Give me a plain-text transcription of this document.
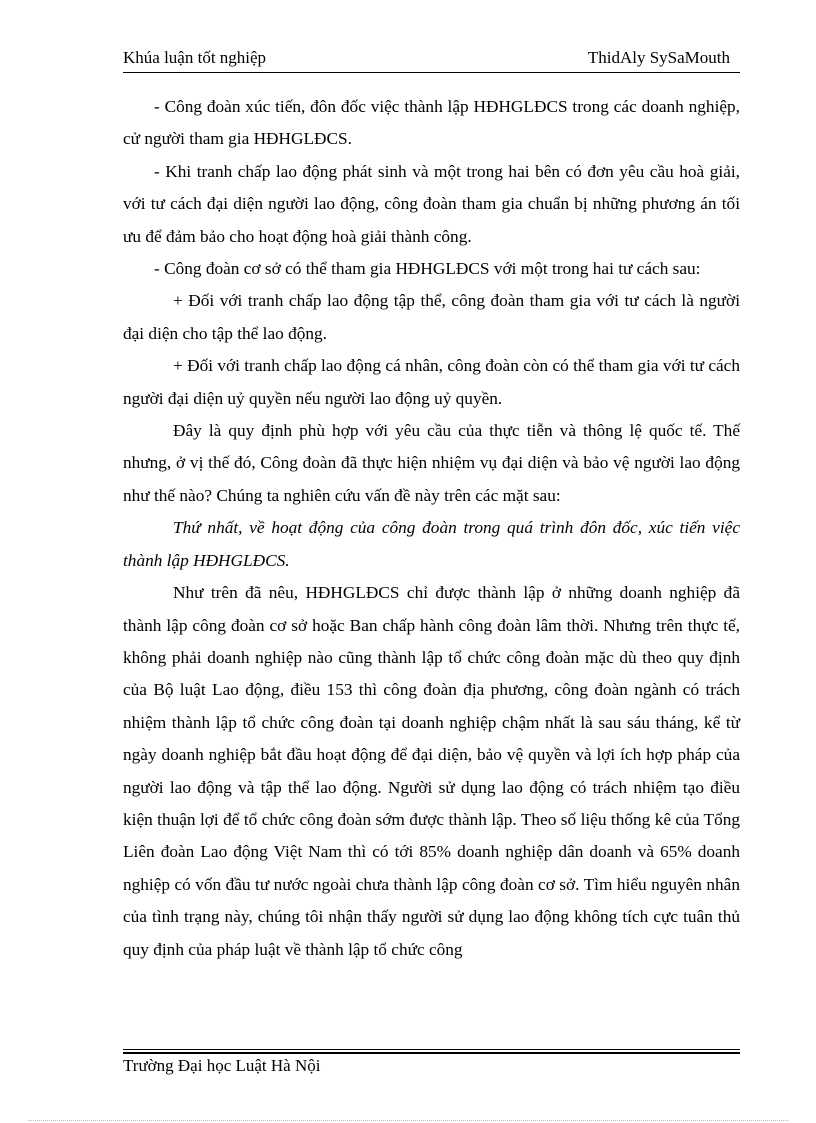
Khúa luận tốt nghiệp	ThidAly SySaMouth

- Công đoàn xúc tiến, đôn đốc việc thành lập HĐHGLĐCS trong các doanh nghiệp, cử người tham gia HĐHGLĐCS.

- Khi tranh chấp lao động phát sinh và một trong hai bên có đơn yêu cầu hoà giải, với tư cách đại diện người lao động, công đoàn tham gia chuẩn bị những phương án tối ưu để đảm bảo cho hoạt động hoà giải thành công.

- Công đoàn cơ sở có thể tham gia HĐHGLĐCS với một trong hai tư cách sau:

+ Đối với tranh chấp lao động tập thể, công đoàn tham gia với tư cách là người đại diện cho tập thể lao động.

+ Đối với tranh chấp lao động cá nhân, công đoàn còn có thể tham gia với tư cách người đại diện uỷ quyền nếu người lao động uỷ quyền.

Đây là quy định phù hợp với yêu cầu của thực tiễn và thông lệ quốc tế. Thế nhưng, ở vị thế đó, Công đoàn đã thực hiện nhiệm vụ đại diện và bảo vệ người lao động như thế nào? Chúng ta nghiên cứu vấn đề này trên các mặt sau:

Thứ nhất, về hoạt động của công đoàn trong quá trình đôn đốc, xúc tiến việc thành lập HĐHGLĐCS.

Như trên đã nêu, HĐHGLĐCS chỉ được thành lập ở những doanh nghiệp đã thành lập công đoàn cơ sở hoặc Ban chấp hành công đoàn lâm thời. Nhưng trên thực tế, không phải doanh nghiệp nào cũng thành lập tổ chức công đoàn mặc dù theo quy định của Bộ luật Lao động, điều 153 thì công đoàn địa phương, công đoàn ngành có trách nhiệm thành lập tổ chức công đoàn tại doanh nghiệp chậm nhất là sau sáu tháng, kể từ ngày doanh nghiệp bắt đầu hoạt động để đại diện, bảo vệ quyền và lợi ích hợp pháp của người lao động và tập thể lao động. Người sử dụng lao động có trách nhiệm tạo điều kiện thuận lợi để tổ chức công đoàn sớm được thành lập. Theo số liệu thống kê của Tổng Liên đoàn Lao động Việt Nam thì có tới 85% doanh nghiệp dân doanh và 65% doanh nghiệp có vốn đầu tư nước ngoài chưa thành lập công đoàn cơ sở. Tìm hiểu nguyên nhân của tình trạng này, chúng tôi nhận thấy người sử dụng lao động không tích cực tuân thủ quy định của pháp luật về thành lập tổ chức công

Trường Đại học Luật Hà Nội
